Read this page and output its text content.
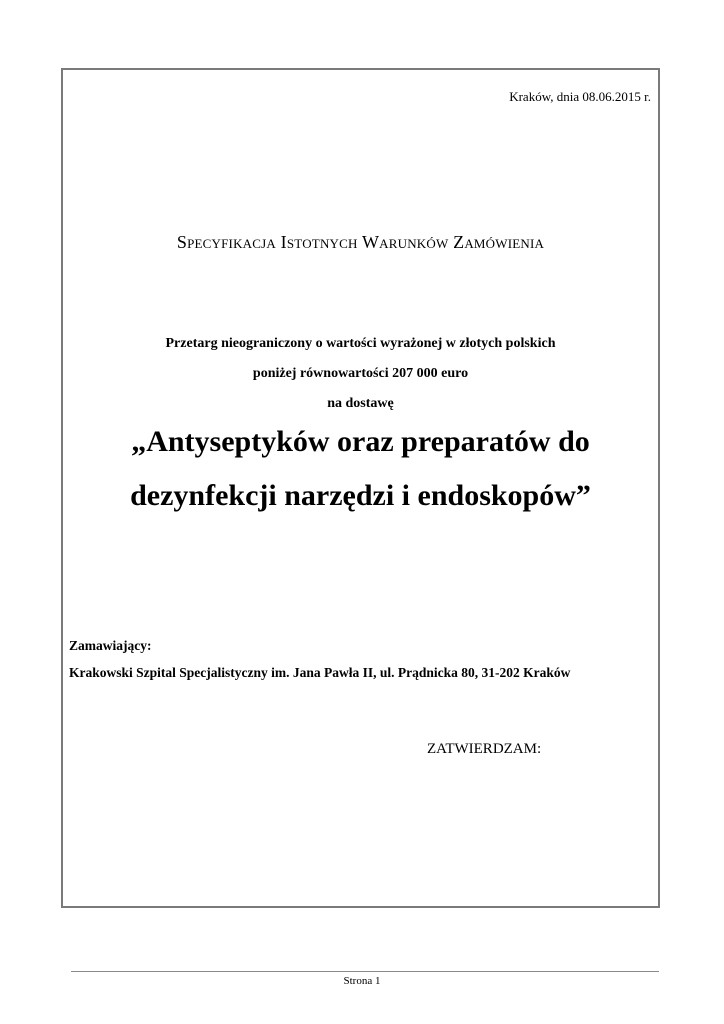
Kraków, dnia 08.06.2015 r.
Specyfikacja Istotnych Warunków Zamówienia
Przetarg nieograniczony o wartości wyrażonej w złotych polskich
poniżej równowartości 207 000 euro
na dostawę
„Antyseptyków oraz preparatów do
dezynfekcji narzędzi i endoskopów”
Zamawiający:
Krakowski Szpital Specjalistyczny im. Jana Pawła II, ul. Prądnicka 80, 31-202 Kraków
ZATWIERDZAM:
Strona 1
